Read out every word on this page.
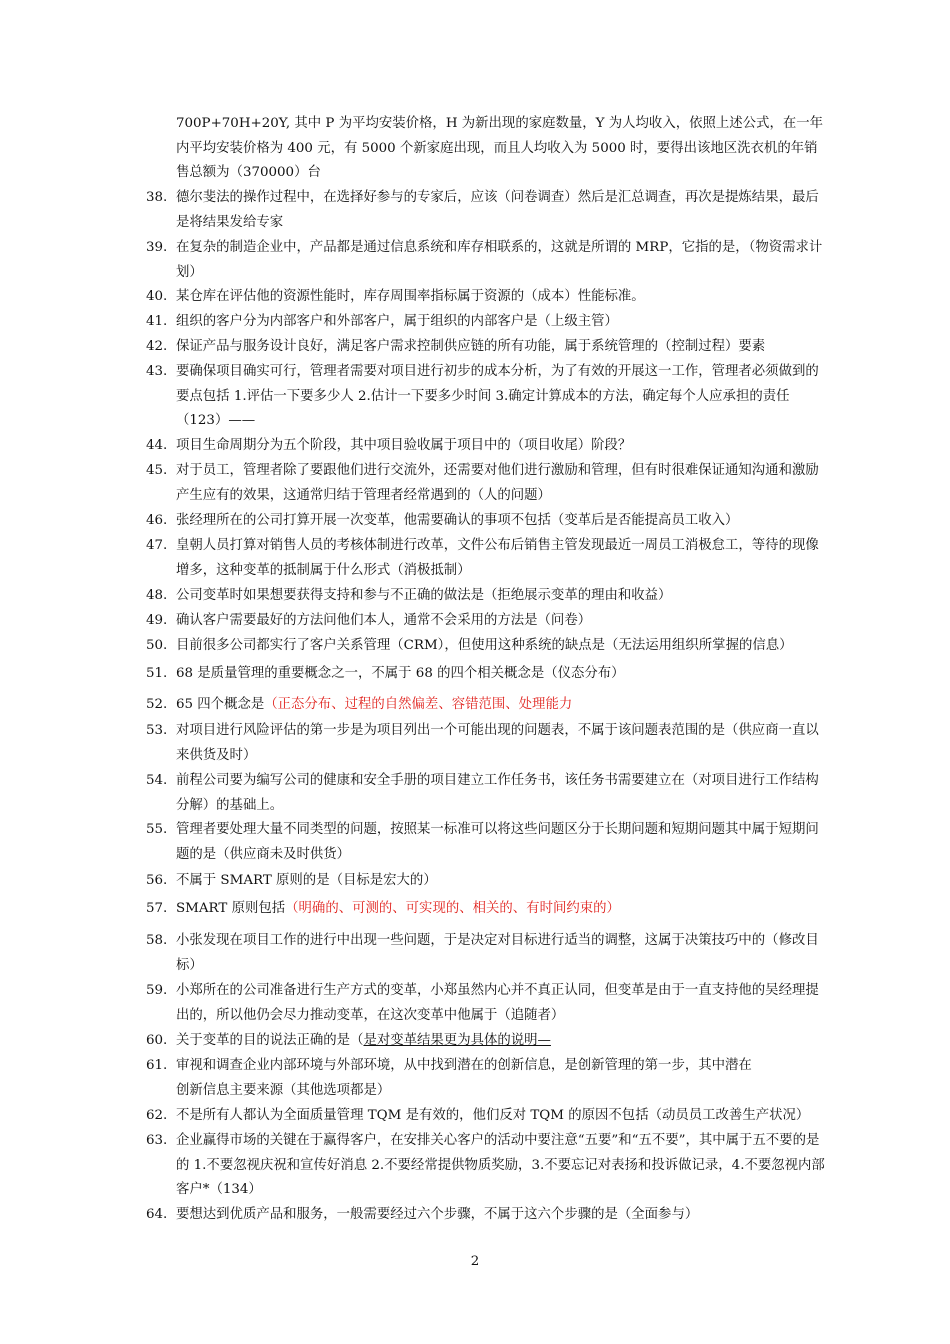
700P+70H+20Y, 其中 P 为平均安装价格，H 为新出现的家庭数量，Y 为人均收入，依照上述公式，在一年内平均安装价格为 400 元，有 5000 个新家庭出现，而且人均收入为 5000 时，要得出该地区洗衣机的年销售总额为（370000）台
38. 德尔斐法的操作过程中，在选择好参与的专家后，应该（问卷调查）然后是汇总调查，再次是提炼结果，最后是将结果发给专家
39. 在复杂的制造企业中，产品都是通过信息系统和库存相联系的，这就是所谓的 MRP，它指的是，（物资需求计划）
40. 某仓库在评估他的资源性能时，库存周围率指标属于资源的（成本）性能标准。
41. 组织的客户分为内部客户和外部客户，属于组织的内部客户是（上级主管）
42. 保证产品与服务设计良好，满足客户需求控制供应链的所有功能，属于系统管理的（控制过程）要素
43. 要确保项目确实可行，管理者需要对项目进行初步的成本分析，为了有效的开展这一工作，管理者必须做到的要点包括 1.评估一下要多少人 2.估计一下要多少时间 3.确定计算成本的方法，确定每个人应承担的责任（123）——
44. 项目生命周期分为五个阶段，其中项目验收属于项目中的（项目收尾）阶段？
45. 对于员工，管理者除了要跟他们进行交流外，还需要对他们进行激励和管理，但有时很难保证通知沟通和激励产生应有的效果，这通常归结于管理者经常遇到的（人的问题）
46. 张经理所在的公司打算开展一次变革，他需要确认的事项不包括（变革后是否能提高员工收入）
47. 皇朝人员打算对销售人员的考核体制进行改革，文件公布后销售主管发现最近一周员工消极怠工，等待的现像增多，这种变革的抵制属于什么形式（消极抵制）
48. 公司变革时如果想要获得支持和参与不正确的做法是（拒绝展示变革的理由和收益）
49. 确认客户需要最好的方法问他们本人，通常不会采用的方法是（问卷）
50. 目前很多公司都实行了客户关系管理（CRM），但使用这种系统的缺点是（无法运用组织所掌握的信息）
51. 68 是质量管理的重要概念之一，不属于 68 的四个相关概念是（仪态分布）
52. 65 四个概念是（正态分布、过程的自然偏差、容错范围、处理能力
53. 对项目进行风险评估的第一步是为项目列出一个可能出现的问题表，不属于该问题表范围的是（供应商一直以来供货及时）
54. 前程公司要为编写公司的健康和安全手册的项目建立工作任务书，该任务书需要建立在（对项目进行工作结构分解）的基础上。
55. 管理者要处理大量不同类型的问题，按照某一标准可以将这些问题区分于长期问题和短期问题其中属于短期问题的是（供应商未及时供货）
56. 不属于 SMART 原则的是（目标是宏大的）
57. SMART 原则包括（明确的、可测的、可实现的、相关的、有时间约束的）
58. 小张发现在项目工作的进行中出现一些问题，于是决定对目标进行适当的调整，这属于决策技巧中的（修改目标）
59. 小郑所在的公司准备进行生产方式的变革，小郑虽然内心并不真正认同，但变革是由于一直支持他的吴经理提出的，所以他仍会尽力推动变革，在这次变革中他属于（追随者）
60. 关于变革的目的说法正确的是（是对变革结果更为具体的说明—
61. 审视和调查企业内部环境与外部环境，从中找到潜在的创新信息，是创新管理的第一步，其中潜在
创新信息主要来源（其他选项都是）
62. 不是所有人都认为全面质量管理 TQM 是有效的，他们反对 TQM 的原因不包括（动员员工改善生产状况）
63. 企业赢得市场的关键在于赢得客户，在安排关心客户的活动中要注意“五要”和“五不要”，其中属于五不要的是的 1.不要忽视庆祝和宣传好消息 2.不要经常提供物质奖励，3.不要忘记对表扬和投诉做记录，4.不要忽视内部客户*（134）
64. 要想达到优质产品和服务，一般需要经过六个步骤，不属于这六个步骤的是（全面参与）
2
